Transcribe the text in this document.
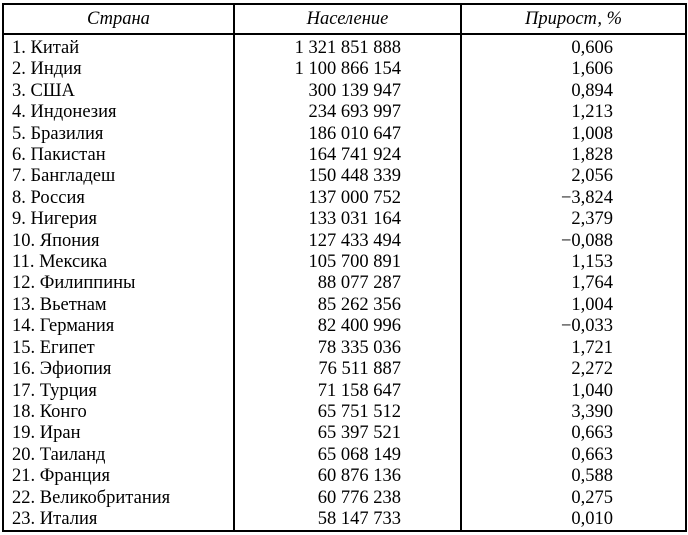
Страна	Население	Прирост, %
1. Китай	1 321 851 888	0,606
2. Индия	1 100 866 154	1,606
3. США	300 139 947	0,894
4. Индонезия	234 693 997	1,213
5. Бразилия	186 010 647	1,008
6. Пакистан	164 741 924	1,828
7. Бангладеш	150 448 339	2,056
8. Россия	137 000 752	−3,824
9. Нигерия	133 031 164	2,379
10. Япония	127 433 494	−0,088
11. Мексика	105 700 891	1,153
12. Филиппины	88 077 287	1,764
13. Вьетнам	85 262 356	1,004
14. Германия	82 400 996	−0,033
15. Египет	78 335 036	1,721
16. Эфиопия	76 511 887	2,272
17. Турция	71 158 647	1,040
18. Конго	65 751 512	3,390
19. Иран	65 397 521	0,663
20. Таиланд	65 068 149	0,663
21. Франция	60 876 136	0,588
22. Великобритания	60 776 238	0,275
23. Италия	58 147 733	0,010
